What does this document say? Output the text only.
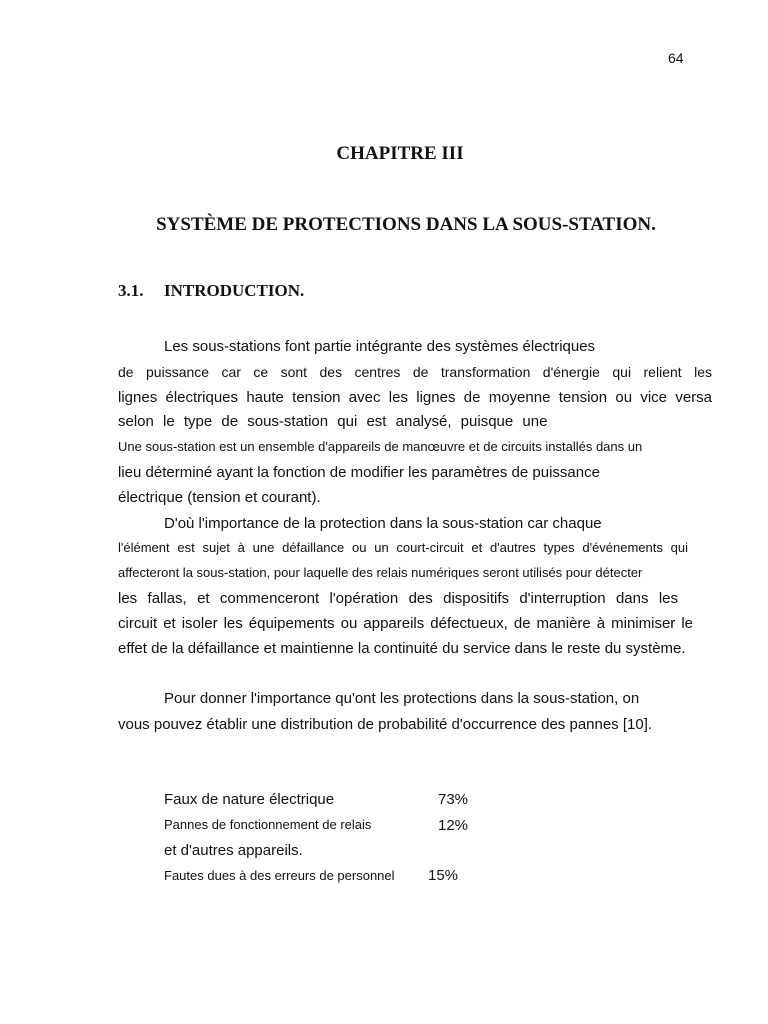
64
CHAPITRE III
SYSTÈME DE PROTECTIONS DANS LA SOUS-STATION.
3.1. INTRODUCTION.
Les sous-stations font partie intégrante des systèmes électriques
de puissance car ce sont des centres de transformation d'énergie qui relient les
lignes électriques haute tension avec les lignes de moyenne tension ou vice versa
selon le type de sous-station qui est analysé, puisque une
Une sous-station est un ensemble d'appareils de manœuvre et de circuits installés dans un
lieu déterminé ayant la fonction de modifier les paramètres de puissance
électrique (tension et courant).
D'où l'importance de la protection dans la sous-station car chaque
l'élément est sujet à une défaillance ou un court-circuit et d'autres types d'événements qui
affecteront la sous-station, pour laquelle des relais numériques seront utilisés pour détecter
les fallas, et commenceront l'opération des dispositifs d'interruption dans les
circuit et isoler les équipements ou appareils défectueux, de manière à minimiser le
effet de la défaillance et maintienne la continuité du service dans le reste du système.
Pour donner l'importance qu'ont les protections dans la sous-station, on
vous pouvez établir une distribution de probabilité d'occurrence des pannes [10].
Faux de nature électrique	73%
Pannes de fonctionnement de relais	12%
et d'autres appareils.
Fautes dues à des erreurs de personnel 15%
